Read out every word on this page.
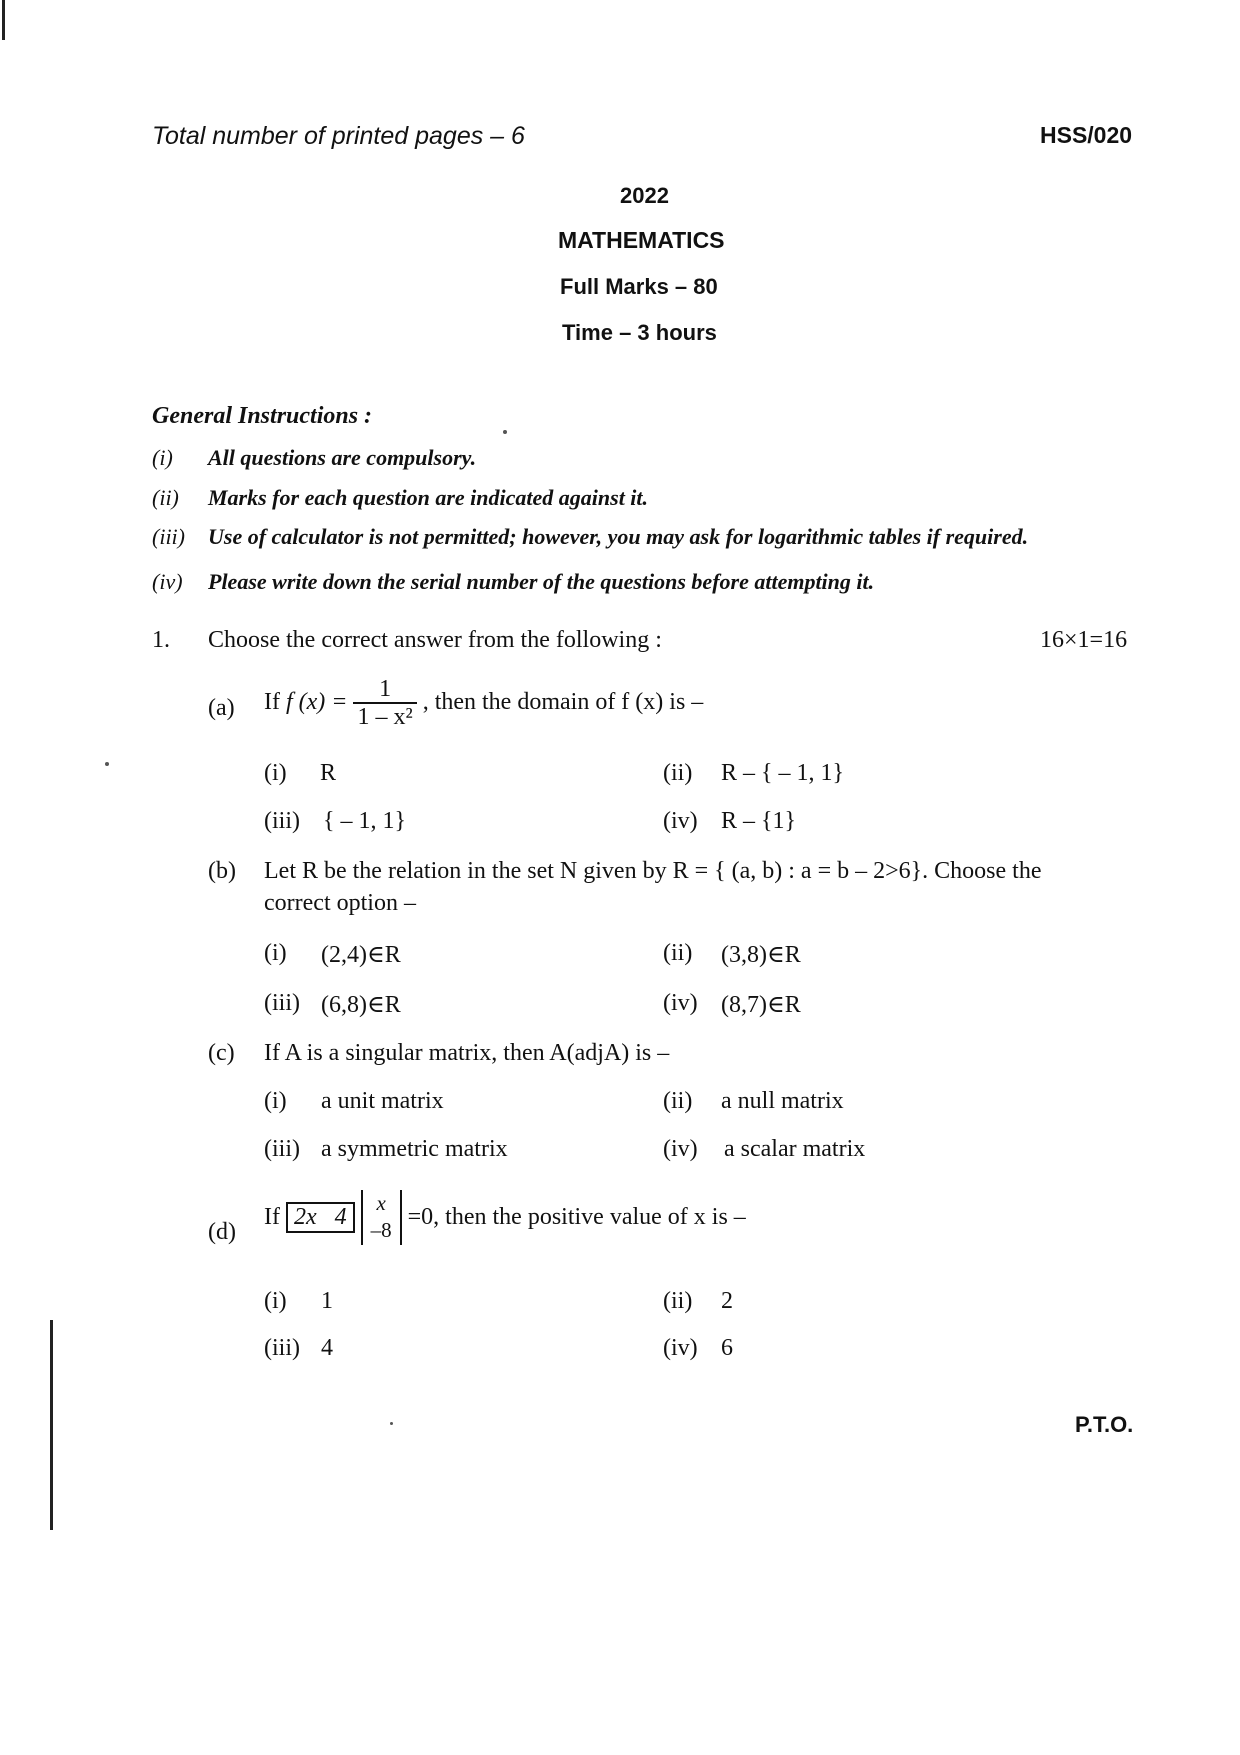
Total number of printed pages – 6	HSS/020
2022
MATHEMATICS
Full Marks – 80
Time – 3 hours
General Instructions :
(i) All questions are compulsory.
(ii) Marks for each question are indicated against it.
(iii) Use of calculator is not permitted; however, you may ask for logarithmic tables if required.
(iv) Please write down the serial number of the questions before attempting it.
1. Choose the correct answer from the following :	16×1=16
(a) If f $(x) = \frac{1}{\text{1 – x²}}$ , then the domain of f (x) is –
(i) R	(ii) R – { – 1, 1}
(iii) { – 1, 1}	(iv) R – {1}
(b) Let R be the relation in the set N given by R = { (a, b) : a = b – 2>6}. Choose the
correct option –
(i) (2,4)∈R	(ii) (3,8)∈R
(iii) (6,8)∈R	(iv) (8,7)∈R
(c) If A is a singular matrix, then A(adjA) is –
(i) a unit matrix	(ii) a null matrix
(iii) a symmetric matrix	(iv) a scalar matrix
(d)
If 2x   4
x
–8
=0, then the positive value of x is –
(i) 1	(ii) 2
(iii) 4	(iv) 6
P.T.O.
